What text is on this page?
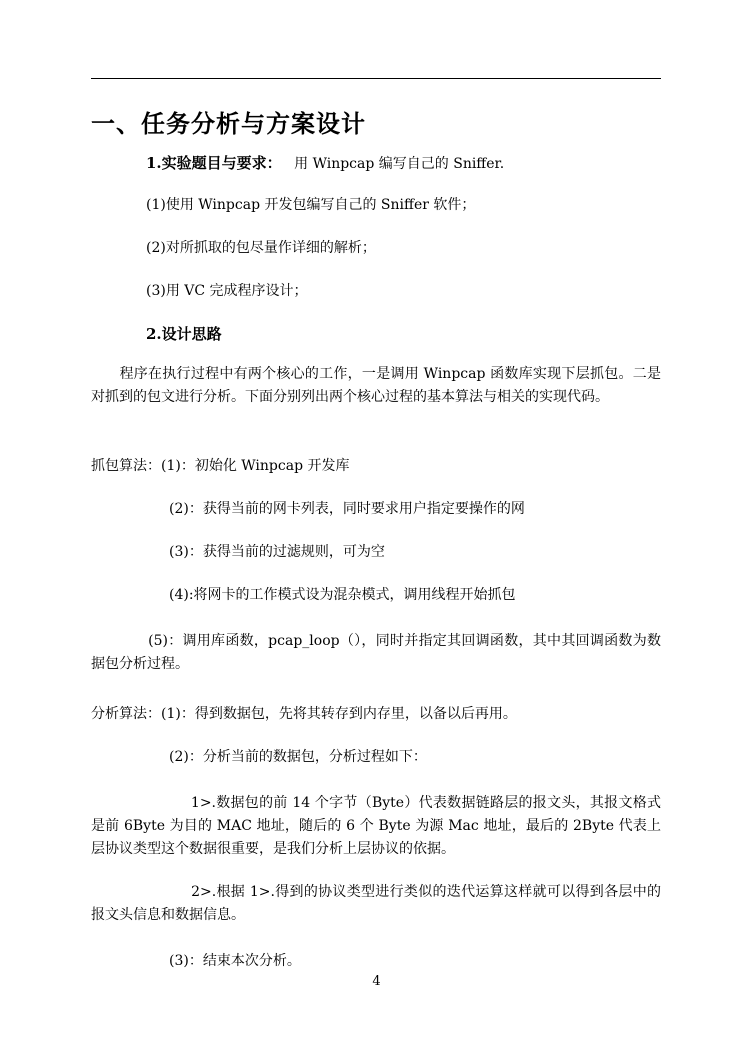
一、任务分析与方案设计
1.实验题目与要求： 用 Winpcap 编写自己的 Sniffer.
(1)使用 Winpcap 开发包编写自己的 Sniffer 软件；
(2)对所抓取的包尽量作详细的解析；
(3)用 VC 完成程序设计；
2.设计思路
　　程序在执行过程中有两个核心的工作，一是调用 Winpcap 函数库实现下层抓包。二是对抓到的包文进行分析。下面分别列出两个核心过程的基本算法与相关的实现代码。
抓包算法：(1)：初始化 Winpcap 开发库
(2)：获得当前的网卡列表，同时要求用户指定要操作的网
(3)：获得当前的过滤规则，可为空
(4):将网卡的工作模式设为混杂模式，调用线程开始抓包
　　　　(5)：调用库函数，pcap_loop（），同时并指定其回调函数，其中其回调函数为数据包分析过程。
分析算法：(1)：得到数据包，先将其转存到内存里，以备以后再用。
(2)：分析当前的数据包，分析过程如下：
　　　　　　　1>.数据包的前 14 个字节（Byte）代表数据链路层的报文头，其报文格式是前 6Byte 为目的 MAC 地址，随后的 6 个 Byte 为源 Mac 地址，最后的 2Byte 代表上层协议类型这个数据很重要，是我们分析上层协议的依据。
　　　　　　　2>.根据 1>.得到的协议类型进行类似的迭代运算这样就可以得到各层中的报文头信息和数据信息。
(3)：结束本次分析。
4
